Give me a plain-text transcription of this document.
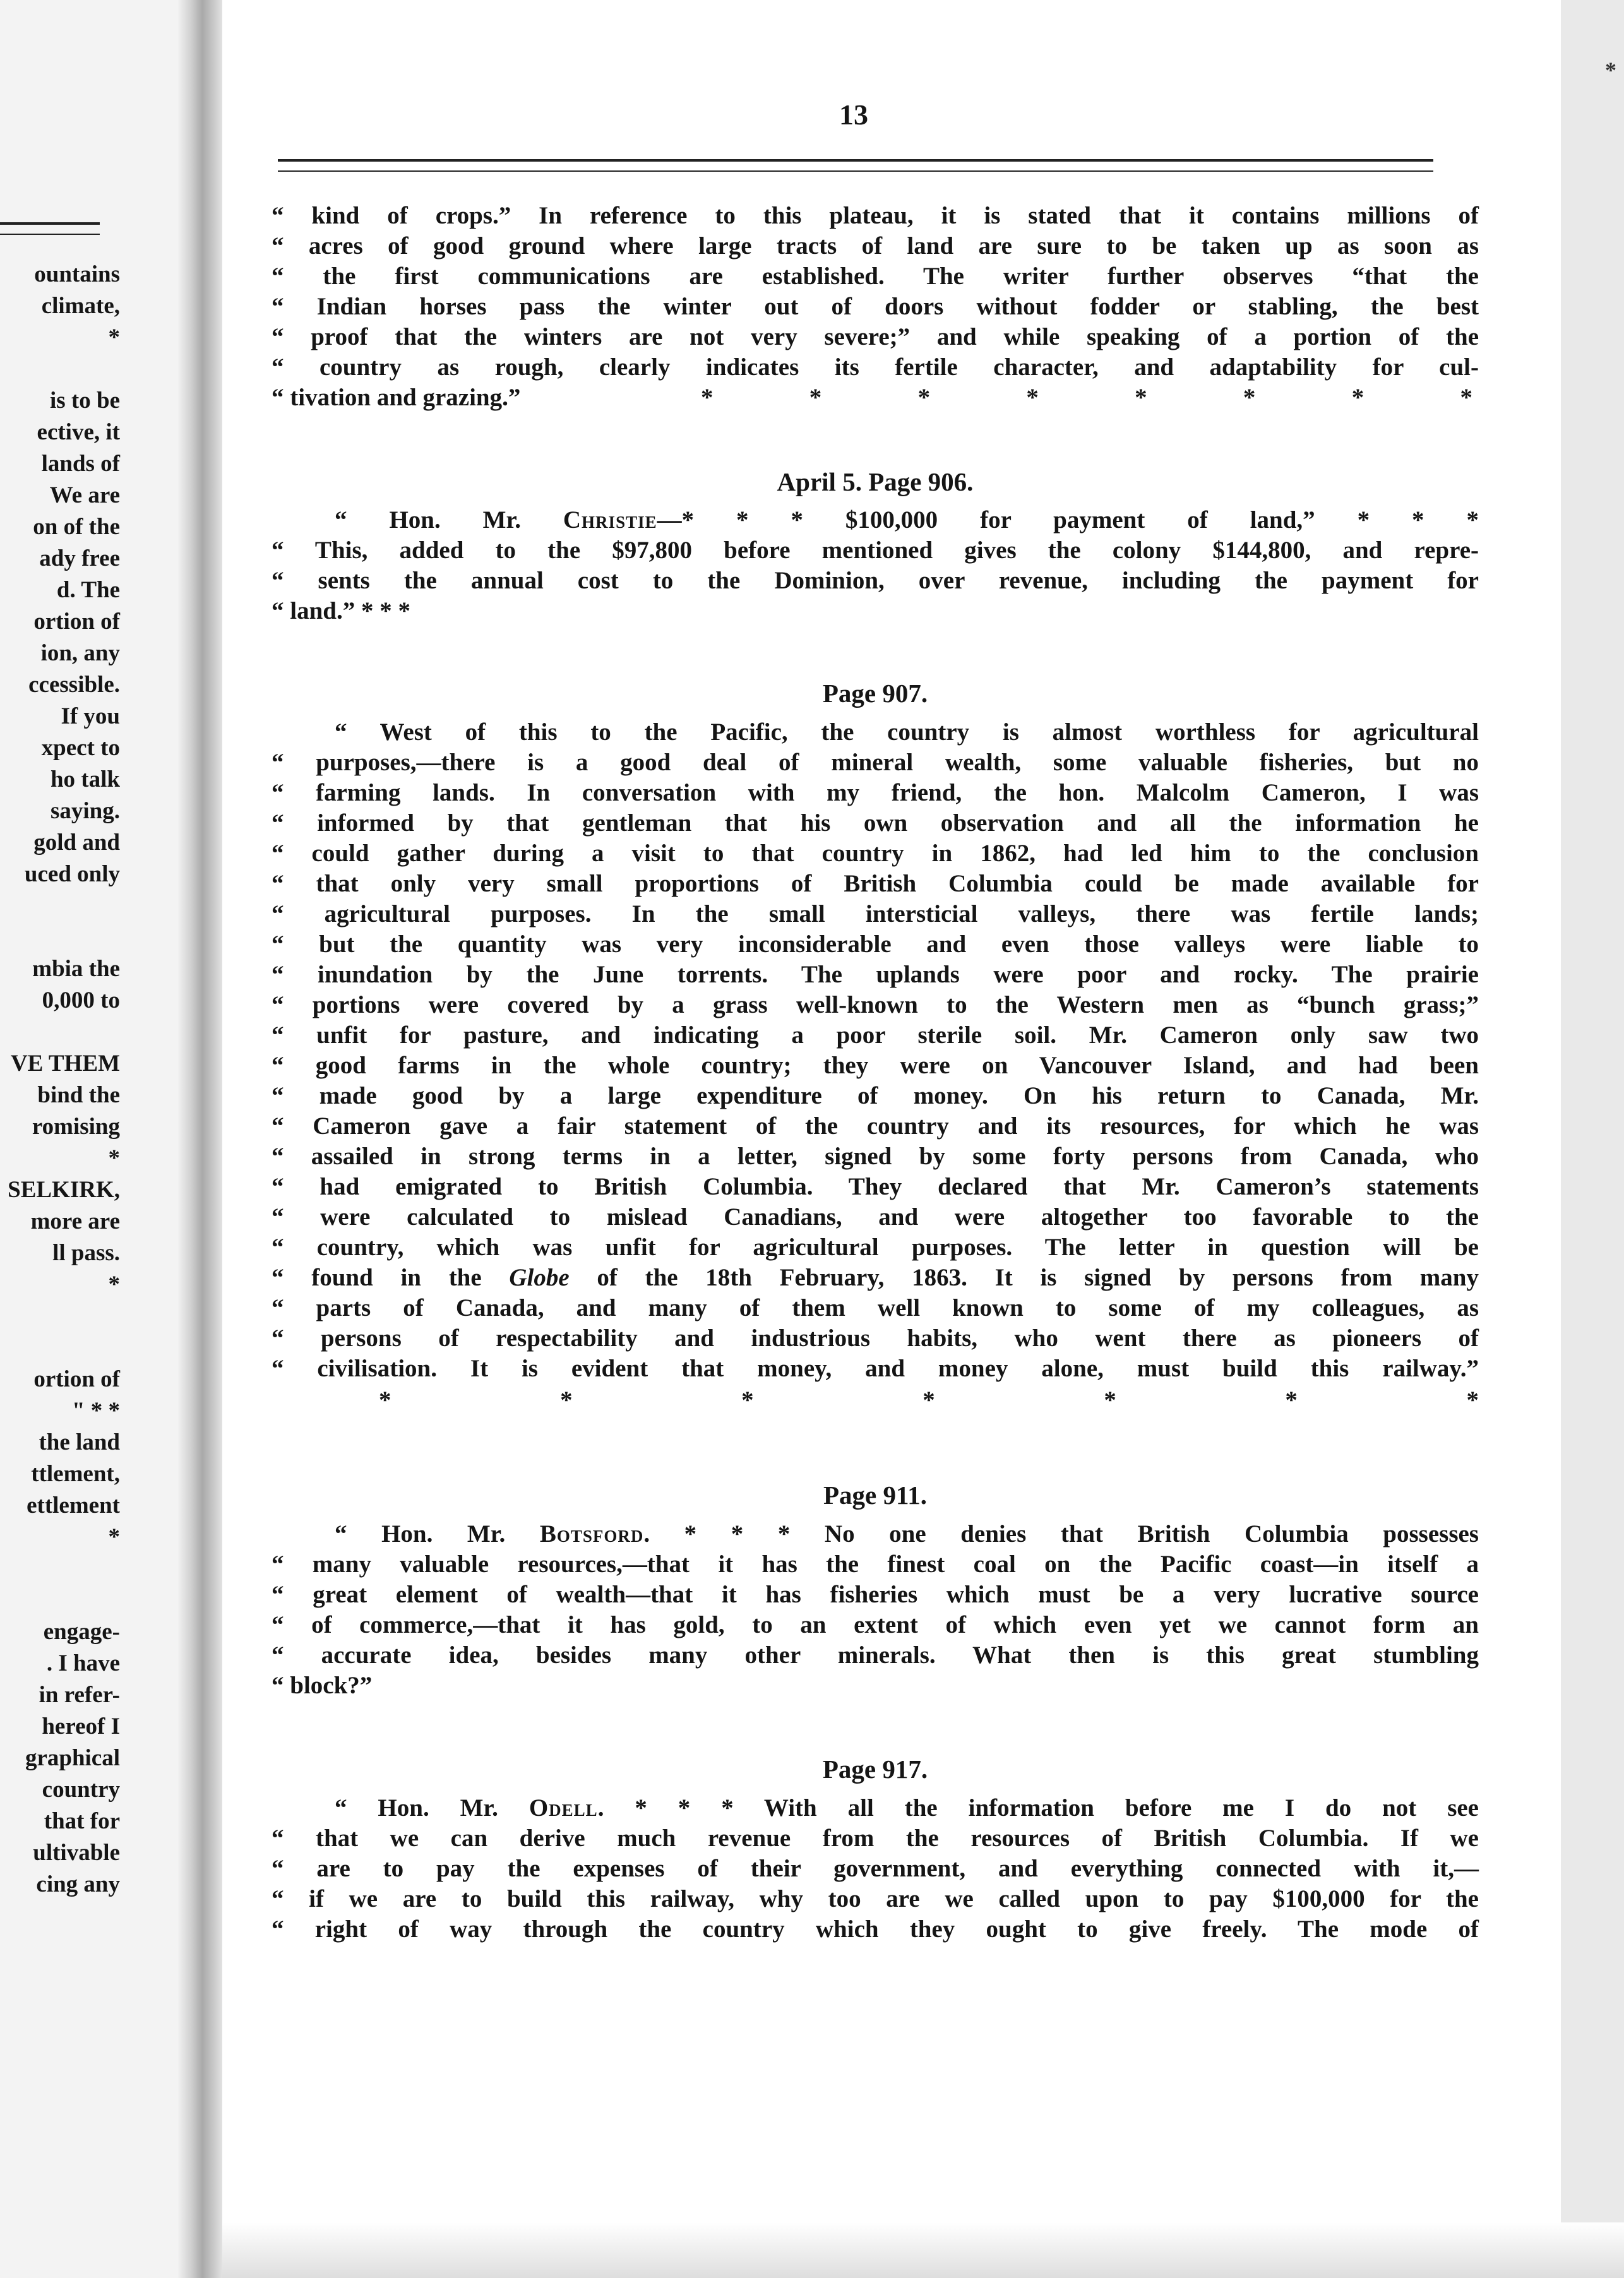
ountains
climate,
*
is to be
ective, it
lands of
We are
on of the
ady free
d. The
ortion of
ion, any
ccessible.
If you
xpect to
ho talk
saying.
gold and
uced only
mbia the
0,000 to
VE THEM
bind the
romising
*
SELKIRK,
more are
ll pass.
*
ortion of
" * *
the land
ttlement,
ettlement
*
engage-
. I have
in refer-
hereof I
graphical
country
that for
ultivable
cing any
13
“ kind of crops.” In reference to this plateau, it is stated that it contains millions of
“ acres of good ground where large tracts of land are sure to be taken up as soon as
“ the first communications are established. The writer further observes “that the
“ Indian horses pass the winter out of doors without fodder or stabling, the best
“ proof that the winters are not very severe;” and while speaking of a portion of the
“ country as rough, clearly indicates its fertile character, and adaptability for cul-
“ tivation and grazing.”	*	*	*	*	*	*	*	*
April 5. Page 906.
“ Hon. Mr. Christie—* * * $100,000 for payment of land,” * * *
“ This, added to the $97,800 before mentioned gives the colony $144,800, and repre-
“ sents the annual cost to the Dominion, over revenue, including the payment for
“ land.” * * *
Page 907.
“ West of this to the Pacific, the country is almost worthless for agricultural
“ purposes,—there is a good deal of mineral wealth, some valuable fisheries, but no
“ farming lands. In conversation with my friend, the hon. Malcolm Cameron, I was
“ informed by that gentleman that his own observation and all the information he
“ could gather during a visit to that country in 1862, had led him to the conclusion
“ that only very small proportions of British Columbia could be made available for
“ agricultural purposes. In the small intersticial valleys, there was fertile lands;
“ but the quantity was very inconsiderable and even those valleys were liable to
“ inundation by the June torrents. The uplands were poor and rocky. The prairie
“ portions were covered by a grass well-known to the Western men as “bunch grass;”
“ unfit for pasture, and indicating a poor sterile soil. Mr. Cameron only saw two
“ good farms in the whole country; they were on Vancouver Island, and had been
“ made good by a large expenditure of money. On his return to Canada, Mr.
“ Cameron gave a fair statement of the country and its resources, for which he was
“ assailed in strong terms in a letter, signed by some forty persons from Canada, who
“ had emigrated to British Columbia. They declared that Mr. Cameron’s statements
“ were calculated to mislead Canadians, and were altogether too favorable to the
“ country, which was unfit for agricultural purposes. The letter in question will be
“ found in the Globe of the 18th February, 1863. It is signed by persons from many
“ parts of Canada, and many of them well known to some of my colleagues, as
“ persons of respectability and industrious habits, who went there as pioneers of
“ civilisation. It is evident that money, and money alone, must build this railway.”
*	*	*	*	*	*	*
Page 911.
“ Hon. Mr. Botsford. * * * No one denies that British Columbia possesses
“ many valuable resources,—that it has the finest coal on the Pacific coast—in itself a
“ great element of wealth—that it has fisheries which must be a very lucrative source
“ of commerce,—that it has gold, to an extent of which even yet we cannot form an
“ accurate idea, besides many other minerals. What then is this great stumbling
“ block?”
Page 917.
“ Hon. Mr. Odell. * * * With all the information before me I do not see
“ that we can derive much revenue from the resources of British Columbia. If we
“ are to pay the expenses of their government, and everything connected with it,—
“ if we are to build this railway, why too are we called upon to pay $100,000 for the
“ right of way through the country which they ought to give freely. The mode of
*
